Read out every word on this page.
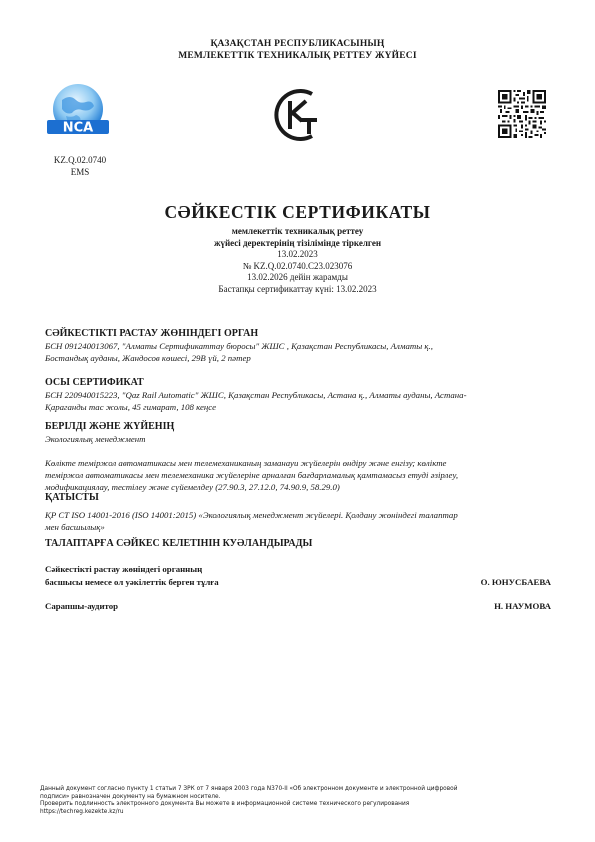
ҚАЗАҚСТАН РЕСПУБЛИКАСЫНЫҢ
МЕМЛЕКЕТТІК ТЕХНИКАЛЫҚ РЕТТЕУ ЖҮЙЕСІ
NCA
KZ.Q.02.0740
EMS
СӘЙКЕСТІК СЕРТИФИКАТЫ
мемлекеттік техникалық реттеу
жүйесі деректерінің тізілімінде тіркелген
13.02.2023
№ KZ.Q.02.0740.С23.023076
13.02.2026 дейін жарамды
Бастапқы сертификаттау күні: 13.02.2023
СӘЙКЕСТІКТІ РАСТАУ ЖӨНІНДЕГІ ОРГАН
БСН 091240013067, "Алматы Сертификаттау бюросы" ЖШС , Қазақстан Республикасы, Алматы қ.,
Бостандық ауданы, Жандосов көшесі, 29В үй, 2 пәтер
ОСЫ СЕРТИФИКАТ
БСН 220940015223, "Qaz Rail Automatic" ЖШС, Қазақстан Республикасы, Астана қ., Алматы ауданы, Астана-
Қараганды тас жолы, 45 гимарат, 108 кеңсе
БЕРІЛДІ ЖӘНЕ ЖҮЙЕНІҢ
Экологиялық менеджмент
Көлікте теміржол автоматикасы мен телемеханиканың заманауи жүйелерін өндіру және енгізу; көлікте
теміржол автоматикасы мен телемеханика жүйелеріне арналған бағдарламалық қамтамасыз етуді әзірлеу,
модификациялау, тестілеу және сүйемелдеу (27.90.3, 27.12.0, 74.90.9, 58.29.0)
ҚАТЫСТЫ
ҚР СТ ISO 14001-2016 (ISO 14001:2015) «Экологиялық менеджмент жүйелері. Қолдану жөніндегі талаптар
мен басшылық»
ТАЛАПТАРҒА СӘЙКЕС КЕЛЕТІНІН КУӘЛАНДЫРАДЫ
Сәйкестікті растау жөніндегі органның
басшысы немесе ол уәкілеттік берген тұлға	О. ЮНУСБАЕВА
Сарапшы-аудитор	Н. НАУМОВА
Данный документ согласно пункту 1 статьи 7 ЗРК от 7 января 2003 года N370-II «Об электронном документе и электронной цифровой
подписи» равнозначен документу на бумажном носителе.
Проверить подлинность электронного документа Вы можете в информационной системе технического регулирования
https://techreg.kezekte.kz/ru
